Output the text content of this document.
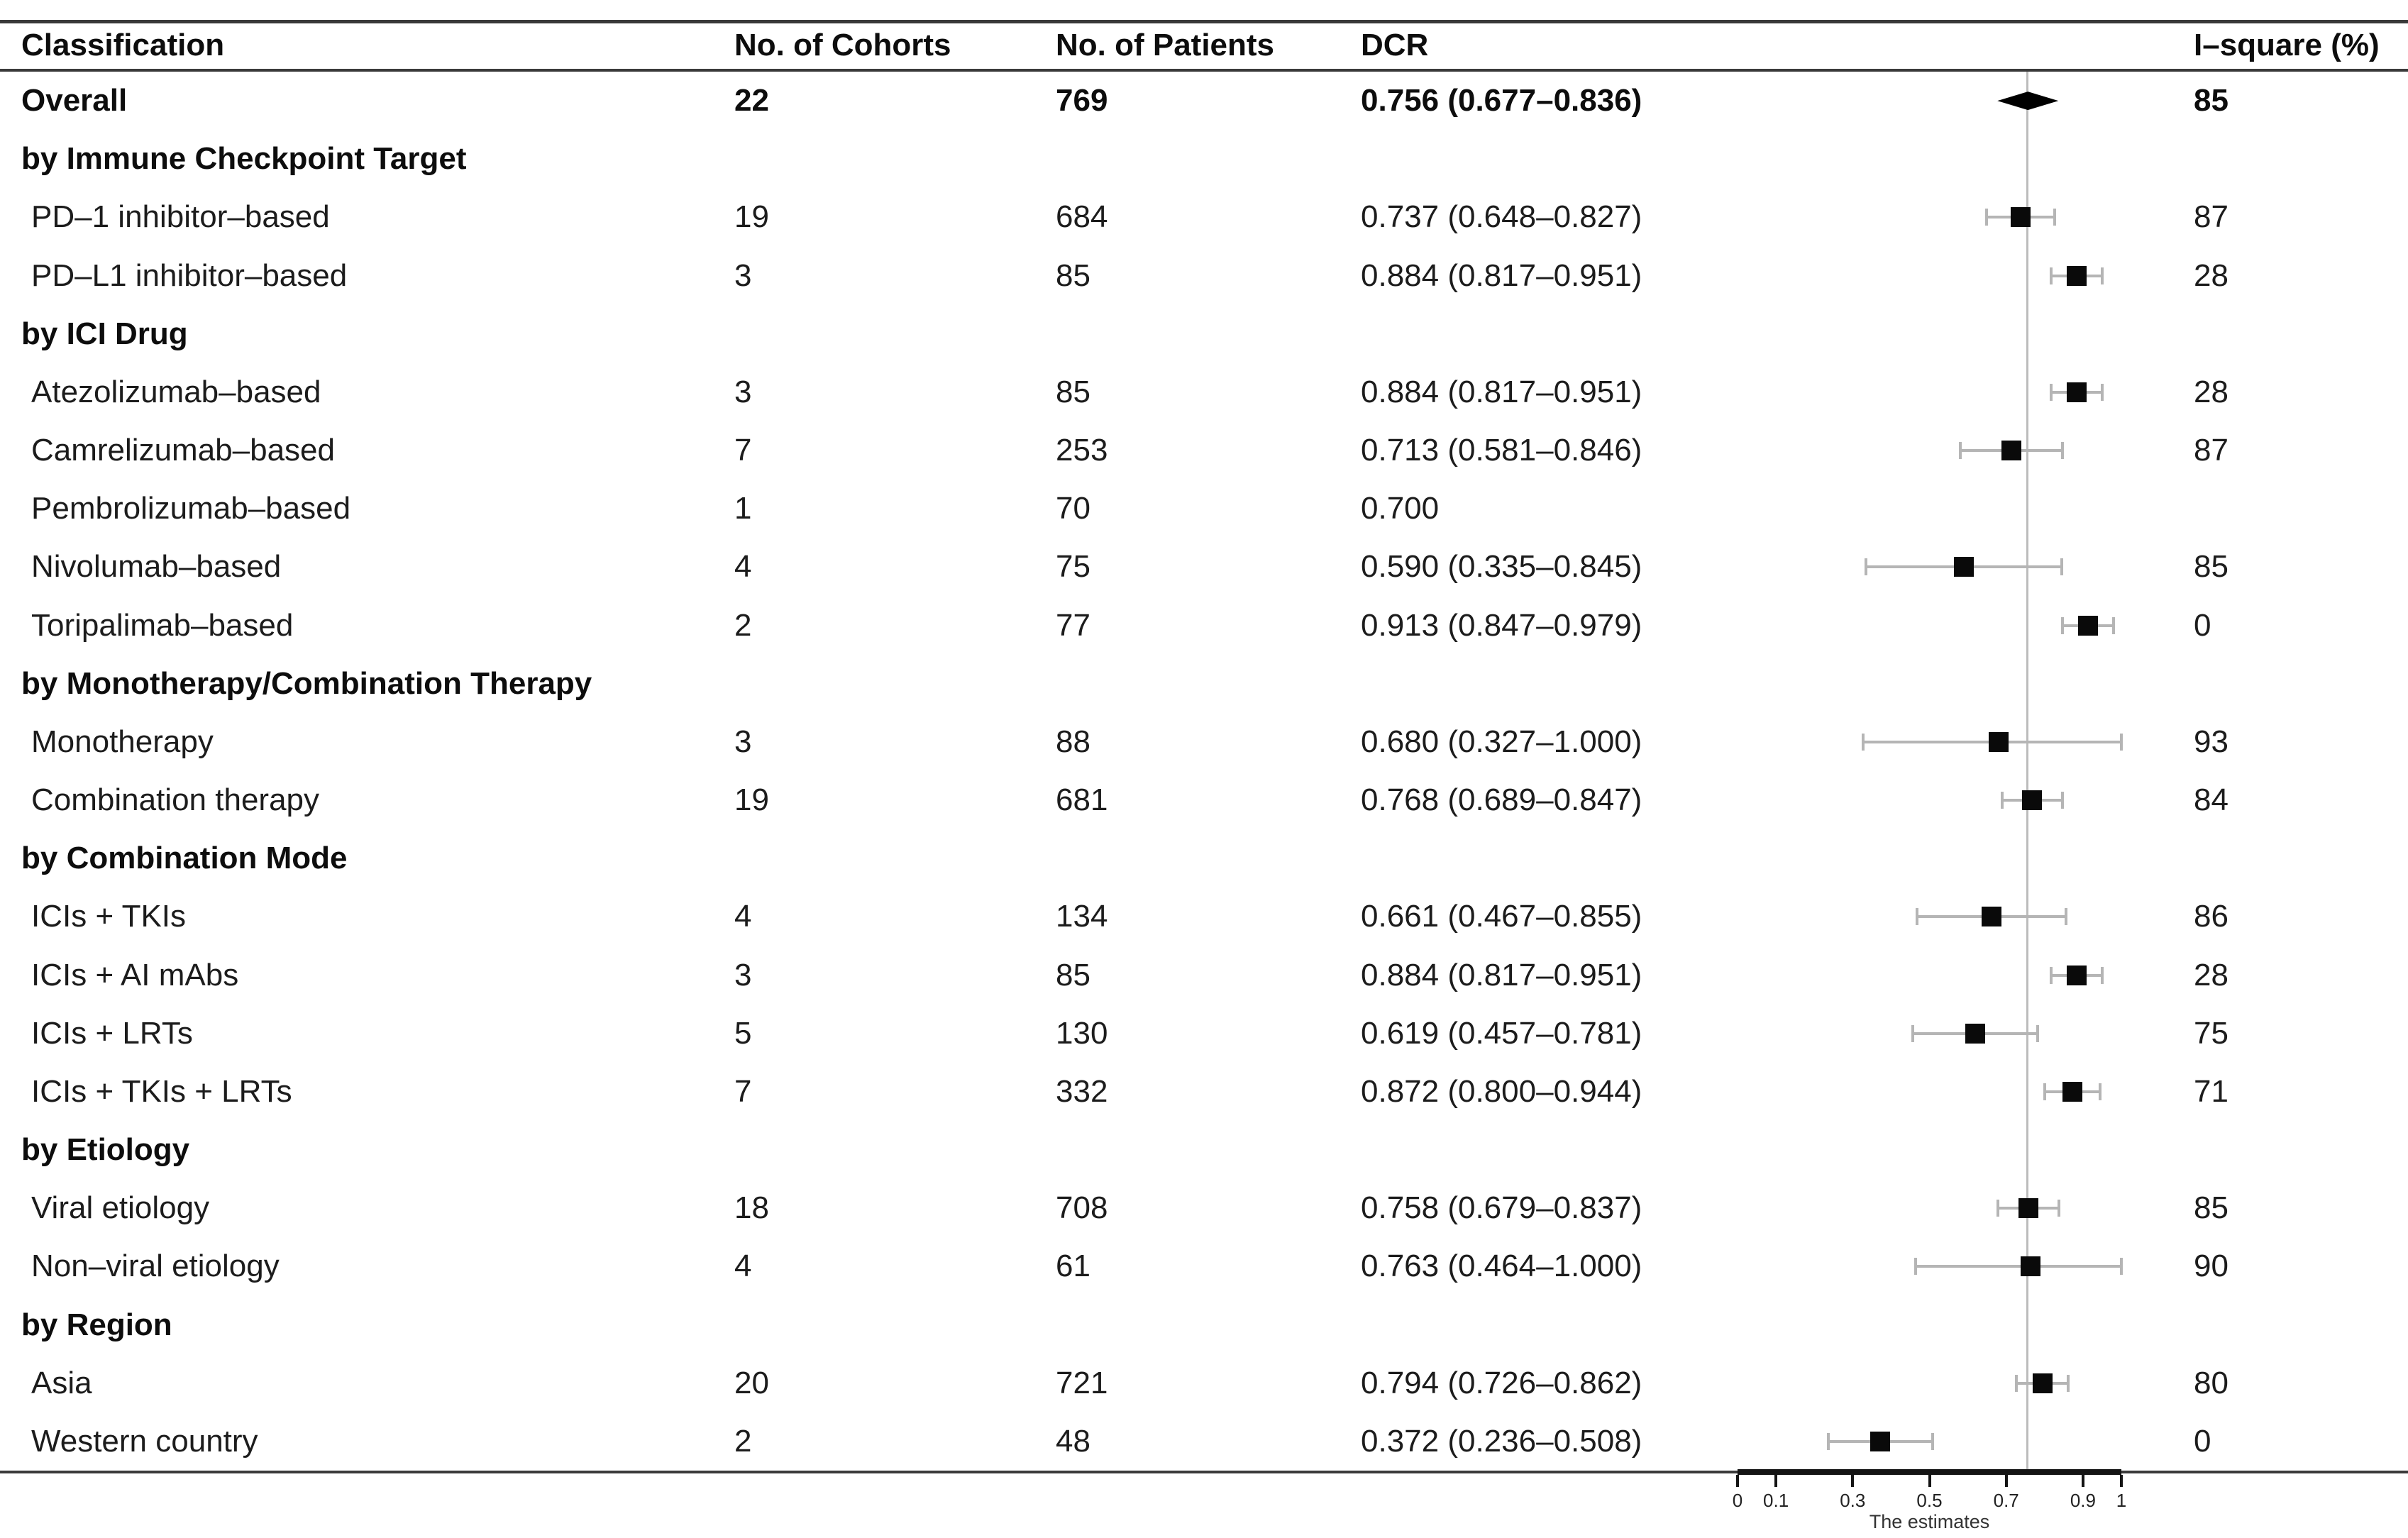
Classification	No. of Cohorts	No. of Patients	DCR	I–square (%)
Overall	22	769	0.756 (0.677–0.836)	85
by Immune Checkpoint Target
PD–1 inhibitor–based	19	684	0.737 (0.648–0.827)	87
PD–L1 inhibitor–based	3	85	0.884 (0.817–0.951)	28
by ICI Drug
Atezolizumab–based	3	85	0.884 (0.817–0.951)	28
Camrelizumab–based	7	253	0.713 (0.581–0.846)	87
Pembrolizumab–based	1	70	0.700
Nivolumab–based	4	75	0.590 (0.335–0.845)	85
Toripalimab–based	2	77	0.913 (0.847–0.979)	0
by Monotherapy/Combination Therapy
Monotherapy	3	88	0.680 (0.327–1.000)	93
Combination therapy	19	681	0.768 (0.689–0.847)	84
by Combination Mode
ICIs + TKIs	4	134	0.661 (0.467–0.855)	86
ICIs + AI mAbs	3	85	0.884 (0.817–0.951)	28
ICIs + LRTs	5	130	0.619 (0.457–0.781)	75
ICIs + TKIs + LRTs	7	332	0.872 (0.800–0.944)	71
by Etiology
Viral etiology	18	708	0.758 (0.679–0.837)	85
Non–viral etiology	4	61	0.763 (0.464–1.000)	90
by Region
Asia	20	721	0.794 (0.726–0.862)	80
Western country	2	48	0.372 (0.236–0.508)	0
0	0.1	0.3	0.5	0.7	0.9	1
The estimates
